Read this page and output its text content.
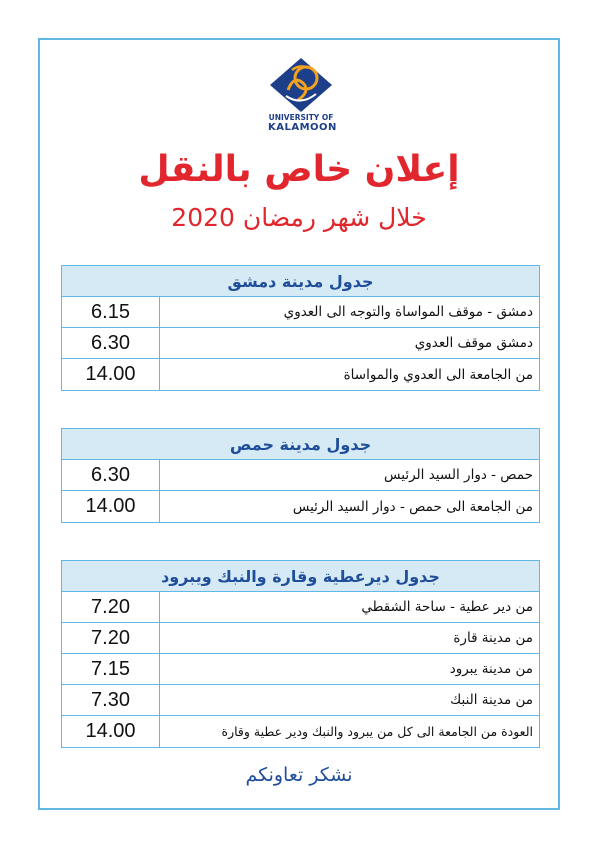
UNIVERSITY OF
KALAMOON
إعلان خاص بالنقل
خلال شهر رمضان 2020
جدول مدينة دمشق
دمشق - موقف المواساة والتوجه الى العدوي
6.15
دمشق موقف العدوي
6.30
من الجامعة الى العدوي والمواساة
14.00
جدول مدينة حمص
حمص - دوار السيد الرئيس
6.30
من الجامعة الى حمص - دوار السيد الرئيس
14.00
جدول ديرعطية وقارة والنبك ويبرود
من دير عطية - ساحة الشقطي
7.20
من مدينة قارة
7.20
من مدينة يبرود
7.15
من مدينة النبك
7.30
العودة من الجامعة الى كل من يبرود والنبك ودير عطية وقارة
14.00
نشكر تعاونكم
